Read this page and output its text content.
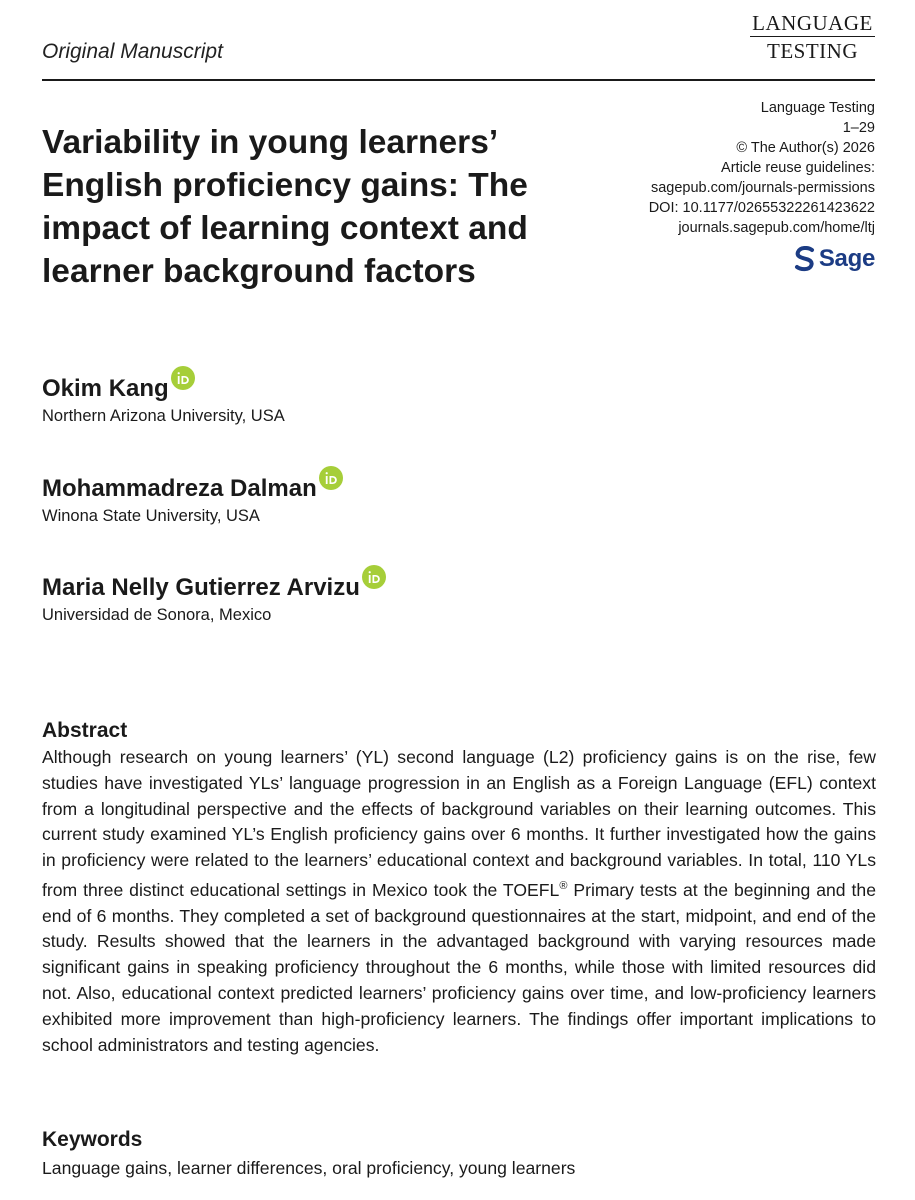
Original Manuscript
LANGUAGE
TESTING
Variability in young learners’ English proficiency gains: The impact of learning context and learner background factors
Language Testing
1–29
© The Author(s) 2026
Article reuse guidelines:
sagepub.com/journals-permissions
DOI: 10.1177/02655322261423622
journals.sagepub.com/home/ltj
Sage
Okim Kang
Northern Arizona University, USA
Mohammadreza Dalman
Winona State University, USA
Maria Nelly Gutierrez Arvizu
Universidad de Sonora, Mexico
Abstract

Although research on young learners’ (YL) second language (L2) proficiency gains is on the rise, few studies have investigated YLs’ language progression in an English as a Foreign Language (EFL) context from a longitudinal perspective and the effects of background variables on their learning outcomes. This current study examined YL’s English proficiency gains over 6 months. It further investigated how the gains in proficiency were related to the learners’ educational context and background variables. In total, 110 YLs from three distinct educational settings in Mexico took the TOEFL® Primary tests at the beginning and the end of 6 months. They completed a set of background questionnaires at the start, midpoint, and end of the study. Results showed that the learners in the advantaged background with varying resources made significant gains in speaking proficiency throughout the 6 months, while those with limited resources did not. Also, educational context predicted learners’ proficiency gains over time, and low-proficiency learners exhibited more improvement than high-proficiency learners. The findings offer important implications to school administrators and testing agencies.

Keywords

Language gains, learner differences, oral proficiency, young learners
